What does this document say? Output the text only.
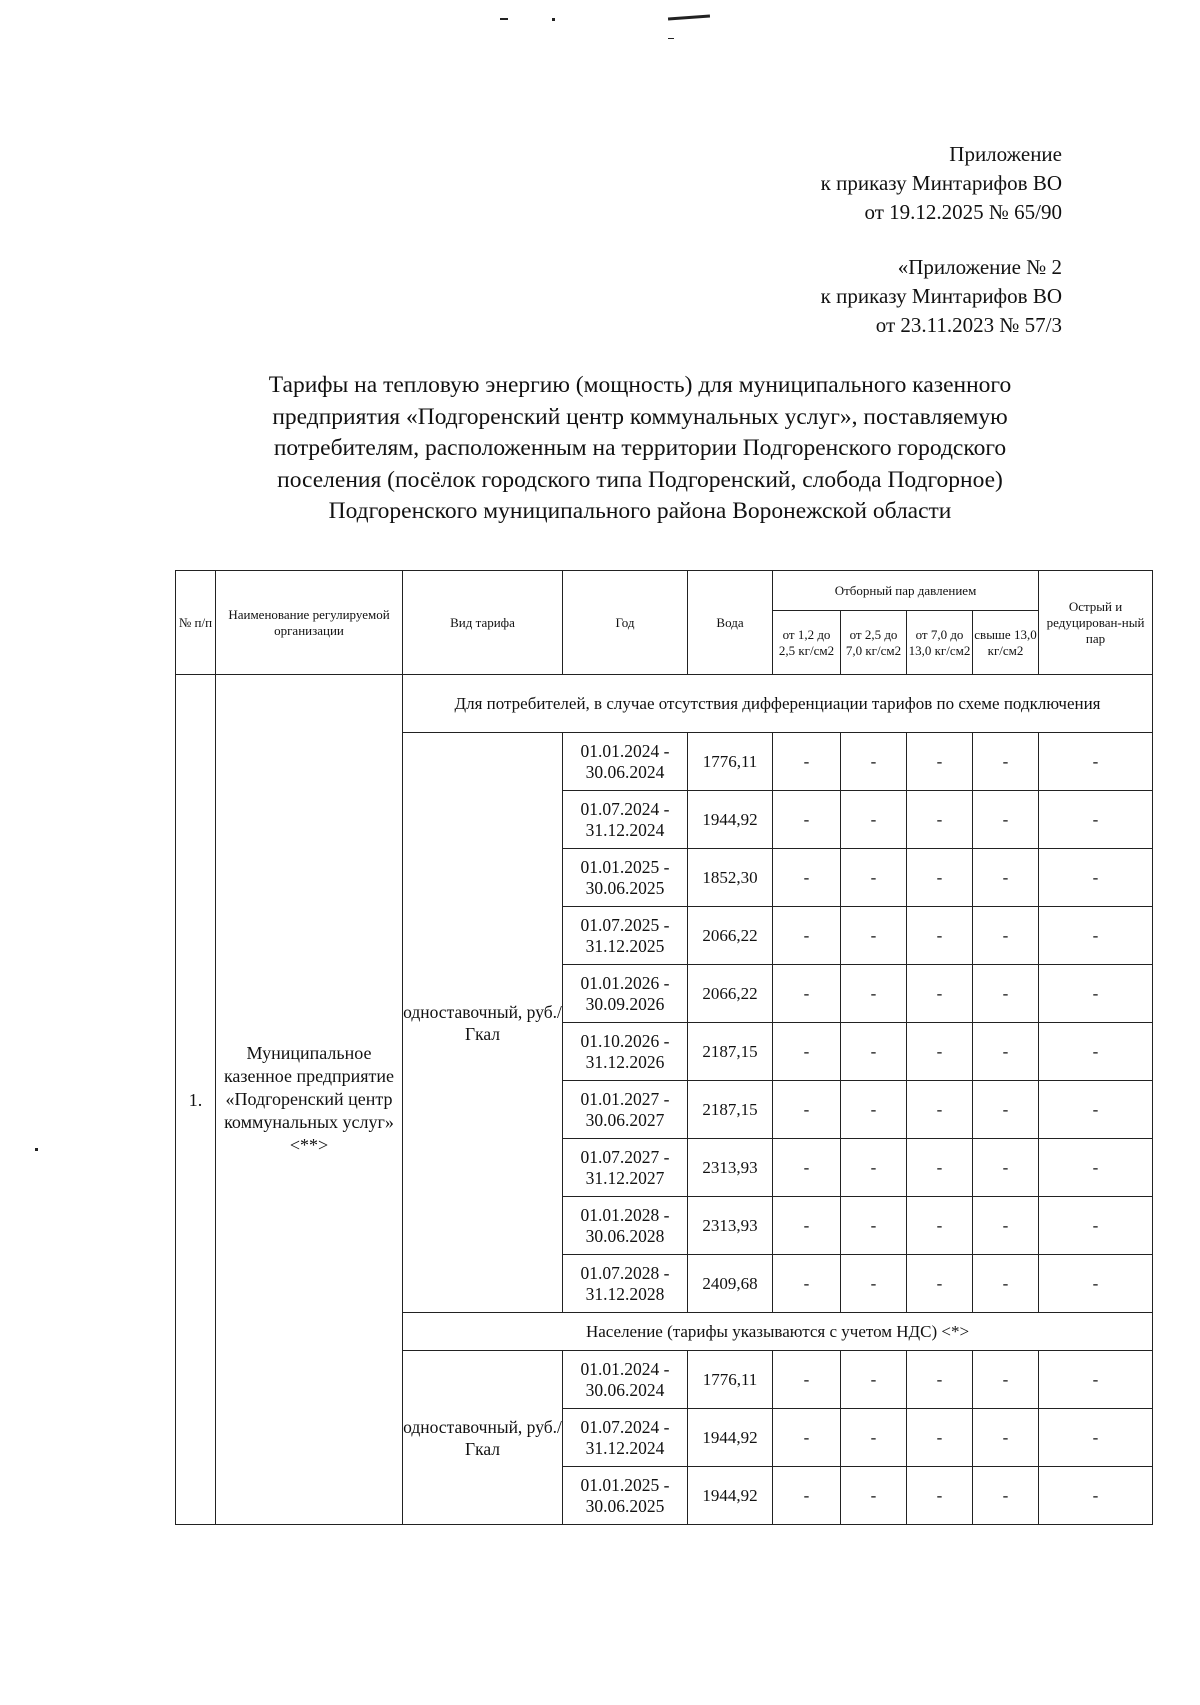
Приложение
к приказу Минтарифов ВО
от 19.12.2025 № 65/90
«Приложение № 2
к приказу Минтарифов ВО
от 23.11.2023 № 57/3
Тарифы на тепловую энергию (мощность) для муниципального казенного
предприятия «Подгоренский центр коммунальных услуг», поставляемую
потребителям, расположенным на территории Подгоренского городского
поселения (посёлок городского типа Подгоренский, слобода Подгорное)
Подгоренского муниципального района Воронежской области
№ п/п	Наименование регулируемой организации	Вид тарифа	Год	Вода	Отборный пар давлением				Острый и редуцирован-ный пар
					от 1,2 до 2,5 кг/см2	от 2,5 до 7,0 кг/см2	от 7,0 до 13,0 кг/см2	свыше 13,0 кг/см2	
1.	Муниципальное казенное предприятие «Подгоренский центр коммунальных услуг» <**>	Для потребителей, в случае отсутствия дифференциации тарифов по схеме подключения							
		одноставочный, руб./Гкал	01.01.2024 - 30.06.2024	1776,11	-	-	-	-	-
			01.07.2024 - 31.12.2024	1944,92	-	-	-	-	-
			01.01.2025 - 30.06.2025	1852,30	-	-	-	-	-
			01.07.2025 - 31.12.2025	2066,22	-	-	-	-	-
			01.01.2026 - 30.09.2026	2066,22	-	-	-	-	-
			01.10.2026 - 31.12.2026	2187,15	-	-	-	-	-
			01.01.2027 - 30.06.2027	2187,15	-	-	-	-	-
			01.07.2027 - 31.12.2027	2313,93	-	-	-	-	-
			01.01.2028 - 30.06.2028	2313,93	-	-	-	-	-
			01.07.2028 - 31.12.2028	2409,68	-	-	-	-	-
		Население (тарифы указываются с учетом НДС) <*>							
		одноставочный, руб./Гкал	01.01.2024 - 30.06.2024	1776,11	-	-	-	-	-
			01.07.2024 - 31.12.2024	1944,92	-	-	-	-	-
			01.01.2025 - 30.06.2025	1944,92	-	-	-	-	-
